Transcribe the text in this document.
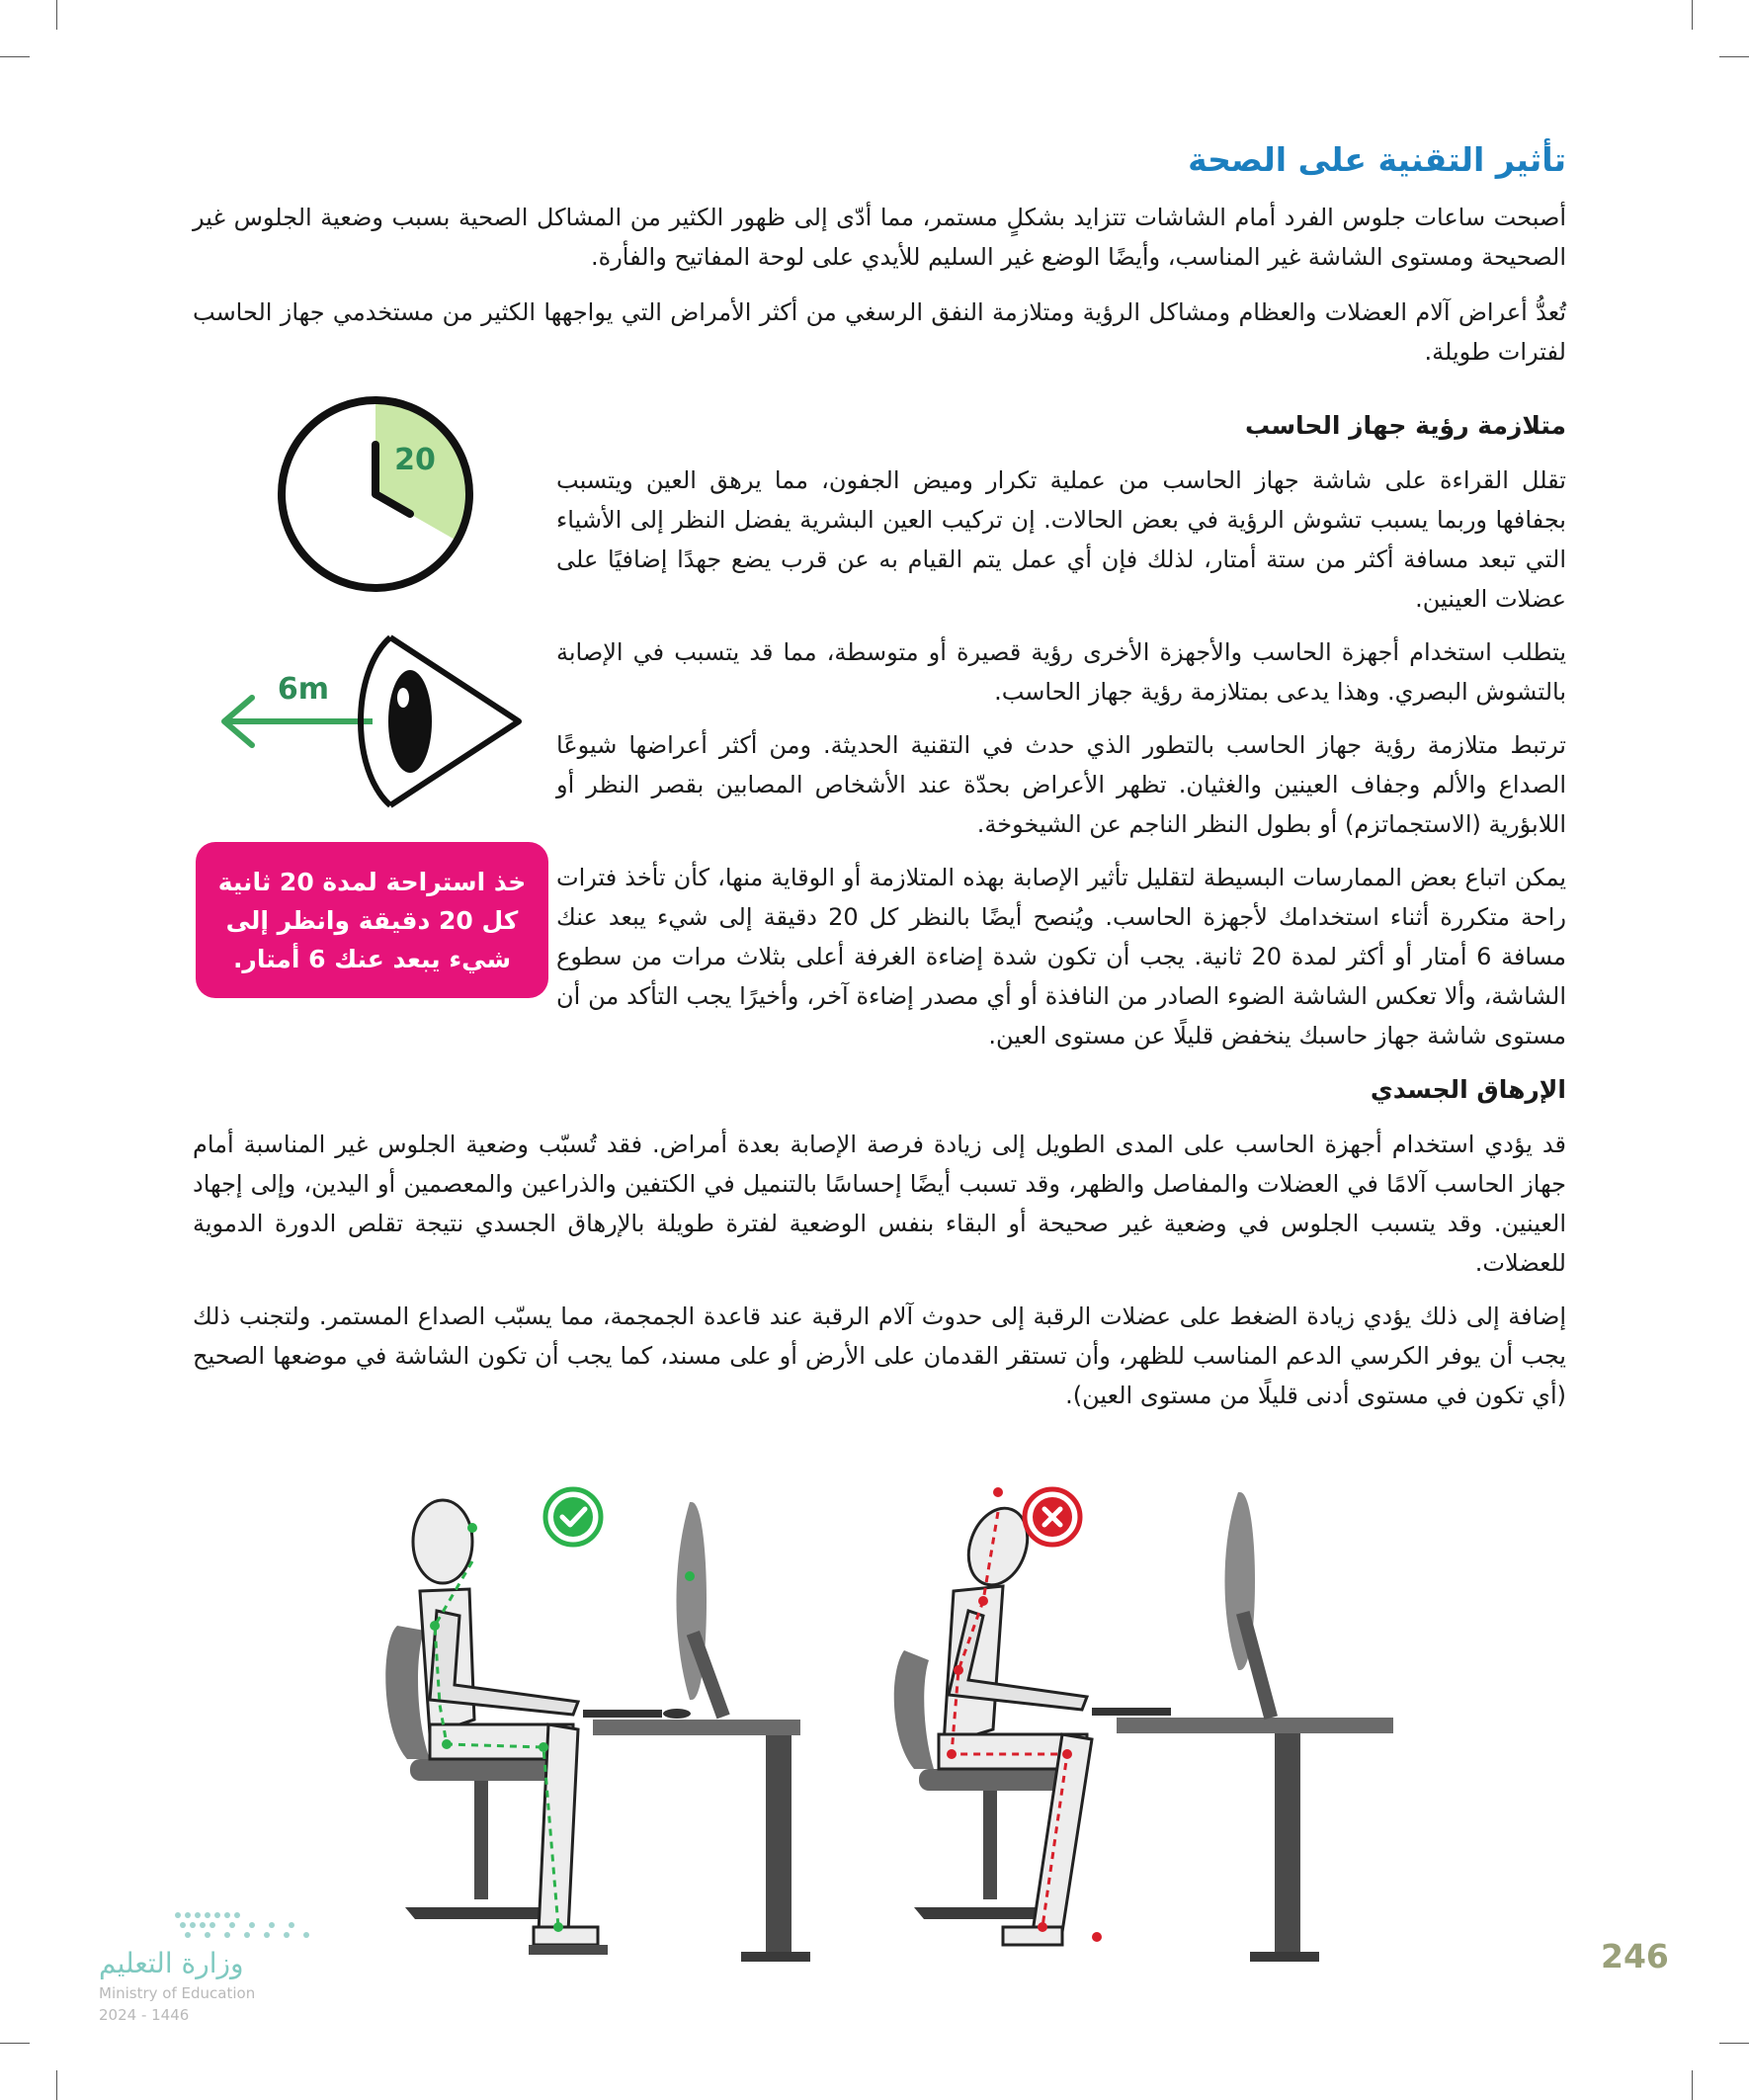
تأثير التقنية على الصحة

أصبحت ساعات جلوس الفرد أمام الشاشات تتزايد بشكلٍ مستمر، مما أدّى إلى ظهور الكثير من المشاكل الصحية بسبب وضعية الجلوس غير الصحيحة ومستوى الشاشة غير المناسب، وأيضًا الوضع غير السليم للأيدي على لوحة المفاتيح والفأرة.

تُعدُّ أعراض آلام العضلات والعظام ومشاكل الرؤية ومتلازمة النفق الرسغي من أكثر الأمراض التي يواجهها الكثير من مستخدمي جهاز الحاسب لفترات طويلة.

متلازمة رؤية جهاز الحاسب

تقلل القراءة على شاشة جهاز الحاسب من عملية تكرار وميض الجفون، مما يرهق العين ويتسبب بجفافها وربما يسبب تشوش الرؤية في بعض الحالات. إن تركيب العين البشرية يفضل النظر إلى الأشياء التي تبعد مسافة أكثر من ستة أمتار، لذلك فإن أي عمل يتم القيام به عن قرب يضع جهدًا إضافيًا على عضلات العينين.

يتطلب استخدام أجهزة الحاسب والأجهزة الأخرى رؤية قصيرة أو متوسطة، مما قد يتسبب في الإصابة بالتشوش البصري. وهذا يدعى بمتلازمة رؤية جهاز الحاسب.

ترتبط متلازمة رؤية جهاز الحاسب بالتطور الذي حدث في التقنية الحديثة. ومن أكثر أعراضها شيوعًا الصداع والألم وجفاف العينين والغثيان. تظهر الأعراض بحدّة عند الأشخاص المصابين بقصر النظر أو اللابؤرية (الاستجماتزم) أو بطول النظر الناجم عن الشيخوخة.

يمكن اتباع بعض الممارسات البسيطة لتقليل تأثير الإصابة بهذه المتلازمة أو الوقاية منها، كأن تأخذ فترات راحة متكررة أثناء استخدامك لأجهزة الحاسب. ويُنصح أيضًا بالنظر كل 20 دقيقة إلى شيء يبعد عنك مسافة 6 أمتار أو أكثر لمدة 20 ثانية. يجب أن تكون شدة إضاءة الغرفة أعلى بثلاث مرات من سطوع الشاشة، وألا تعكس الشاشة الضوء الصادر من النافذة أو أي مصدر إضاءة آخر، وأخيرًا يجب التأكد من أن مستوى شاشة جهاز حاسبك ينخفض قليلًا عن مستوى العين.

20
6m
خذ استراحة لمدة 20 ثانية كل 20 دقيقة وانظر إلى شيء يبعد عنك 6 أمتار.
الإرهاق الجسدي

قد يؤدي استخدام أجهزة الحاسب على المدى الطويل إلى زيادة فرصة الإصابة بعدة أمراض. فقد تُسبّب وضعية الجلوس غير المناسبة أمام جهاز الحاسب آلامًا في العضلات والمفاصل والظهر، وقد تسبب أيضًا إحساسًا بالتنميل في الكتفين والذراعين والمعصمين أو اليدين، وإلى إجهاد العينين. وقد يتسبب الجلوس في وضعية غير صحيحة أو البقاء بنفس الوضعية لفترة طويلة بالإرهاق الجسدي نتيجة تقلص الدورة الدموية للعضلات.

إضافة إلى ذلك يؤدي زيادة الضغط على عضلات الرقبة إلى حدوث آلام الرقبة عند قاعدة الجمجمة، مما يسبّب الصداع المستمر. ولتجنب ذلك يجب أن يوفر الكرسي الدعم المناسب للظهر، وأن تستقر القدمان على الأرض أو على مسند، كما يجب أن تكون الشاشة في موضعها الصحيح (أي تكون في مستوى أدنى قليلًا من مستوى العين).

وزارة التعليم
Ministry of Education
2024 - 1446
246
